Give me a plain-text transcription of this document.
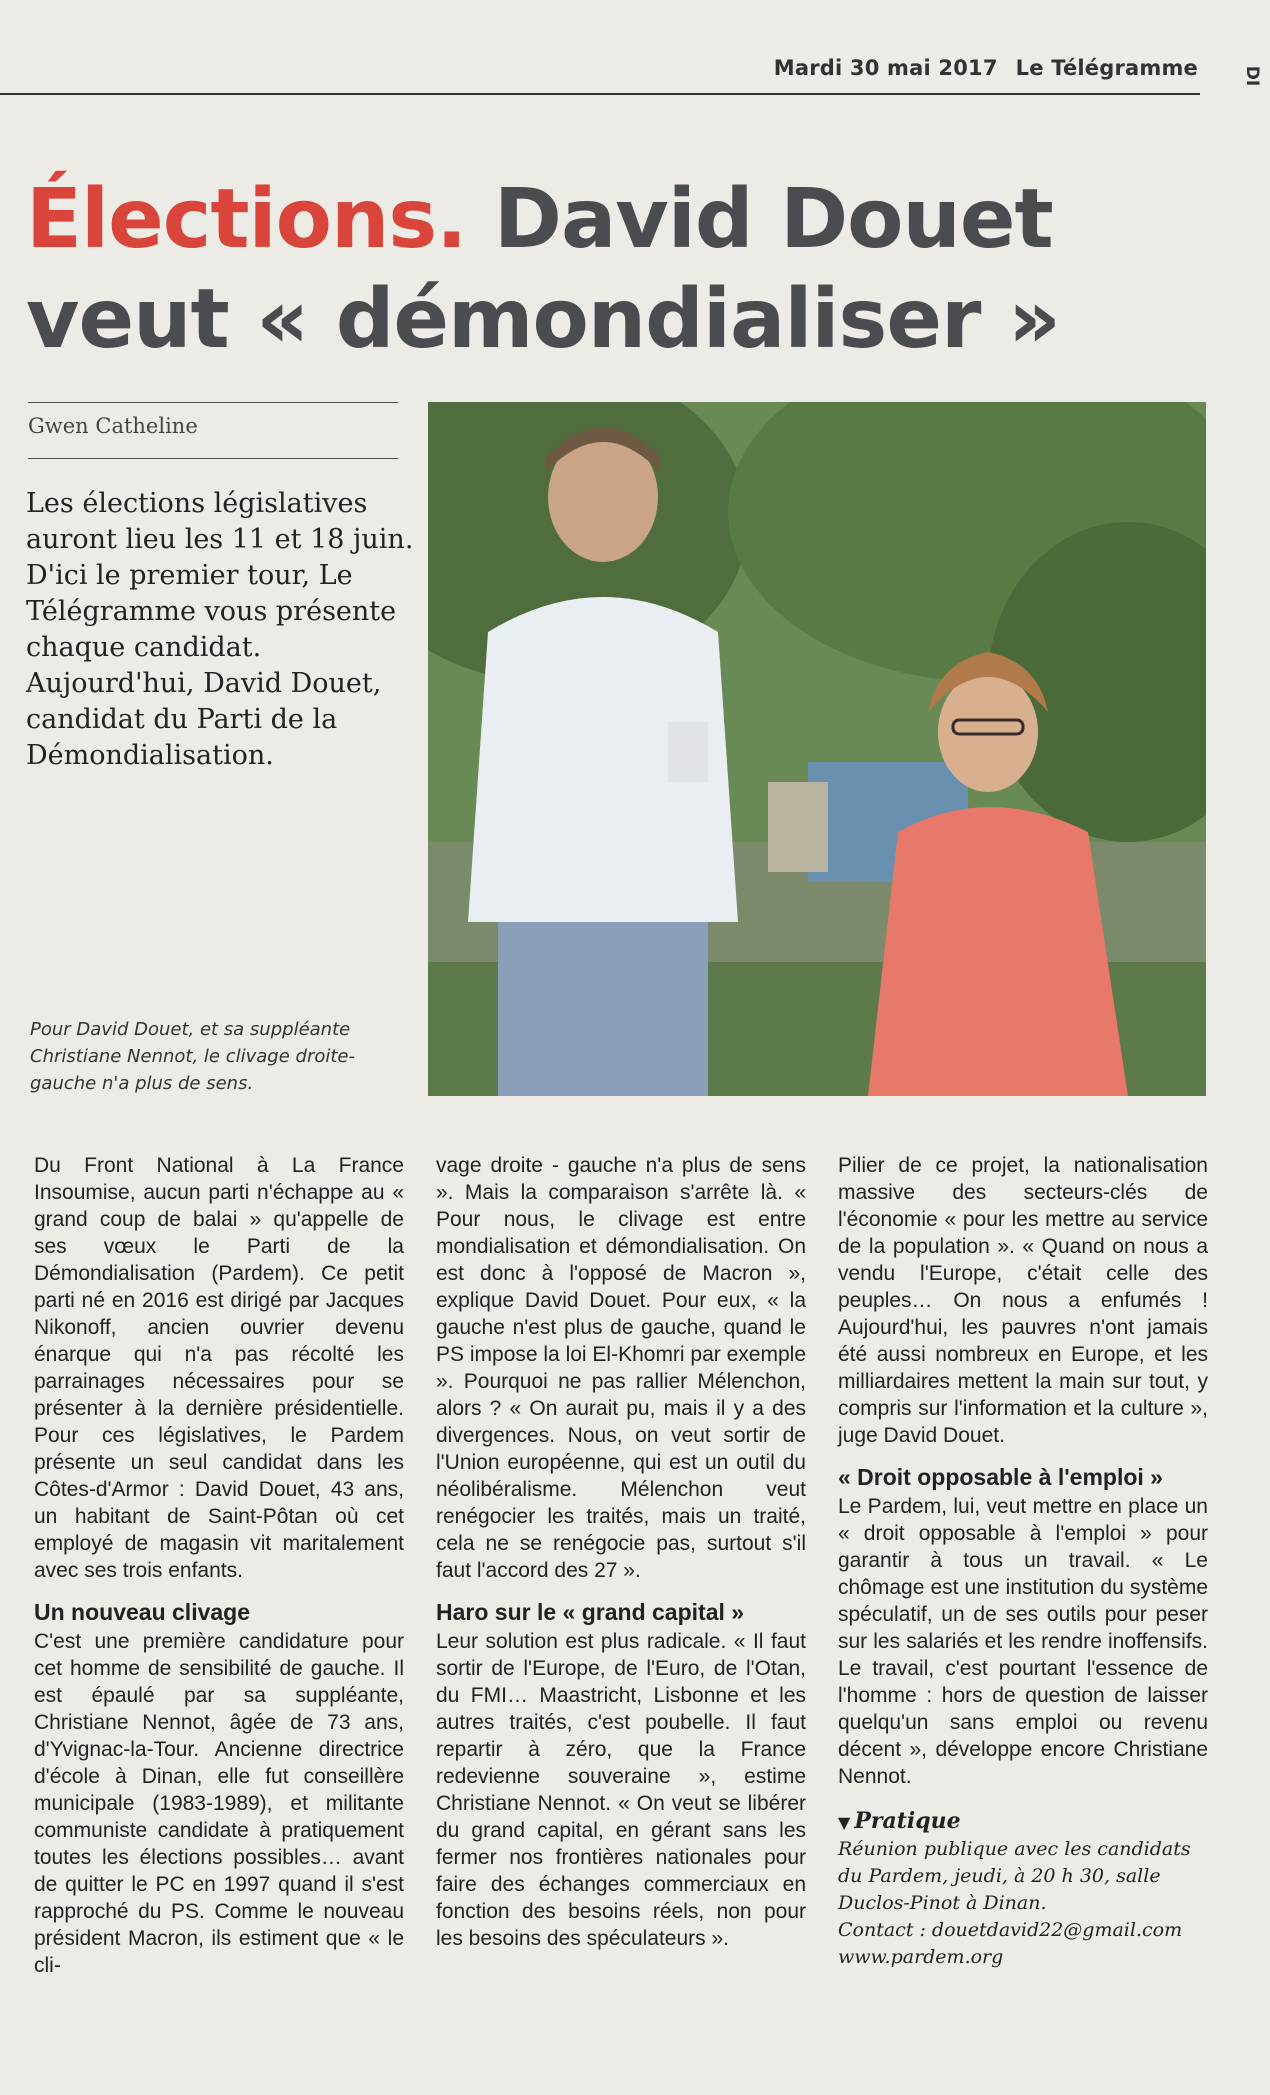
Mardi 30 mai 2017 Le Télégramme	DI
Élections. David Douet
veut « démondialiser »
Gwen Catheline
Les élections législatives auront lieu les 11 et 18 juin. D'ici le premier tour, Le Télégramme vous présente chaque candidat. Aujourd'hui, David Douet, candidat du Parti de la Démondialisation.
Pour David Douet, et sa suppléante Christiane Nennot, le clivage droite-gauche n'a plus de sens.

Du Front National à La France Insoumise, aucun parti n'échappe au « grand coup de balai » qu'appelle de ses vœux le Parti de la Démondialisation (Pardem). Ce petit parti né en 2016 est dirigé par Jacques Nikonoff, ancien ouvrier devenu énarque qui n'a pas récolté les parrainages nécessaires pour se présenter à la dernière présidentielle. Pour ces législatives, le Pardem présente un seul candidat dans les Côtes-d'Armor : David Douet, 43 ans, un habitant de Saint-Pôtan où cet employé de magasin vit maritalement avec ses trois enfants.

Un nouveau clivage

C'est une première candidature pour cet homme de sensibilité de gauche. Il est épaulé par sa suppléante, Christiane Nennot, âgée de 73 ans, d'Yvignac-la-Tour. Ancienne directrice d'école à Dinan, elle fut conseillère municipale (1983-1989), et militante communiste candidate à pratiquement toutes les élections possibles… avant de quitter le PC en 1997 quand il s'est rapproché du PS. Comme le nouveau président Macron, ils estiment que « le cli-

vage droite - gauche n'a plus de sens ». Mais la comparaison s'arrête là. « Pour nous, le clivage est entre mondialisation et démondialisation. On est donc à l'opposé de Macron », explique David Douet. Pour eux, « la gauche n'est plus de gauche, quand le PS impose la loi El-Khomri par exemple ». Pourquoi ne pas rallier Mélenchon, alors ? « On aurait pu, mais il y a des divergences. Nous, on veut sortir de l'Union européenne, qui est un outil du néolibéralisme. Mélenchon veut renégocier les traités, mais un traité, cela ne se renégocie pas, surtout s'il faut l'accord des 27 ».

Haro sur le « grand capital »

Leur solution est plus radicale. « Il faut sortir de l'Europe, de l'Euro, de l'Otan, du FMI… Maastricht, Lisbonne et les autres traités, c'est poubelle. Il faut repartir à zéro, que la France redevienne souveraine », estime Christiane Nennot. « On veut se libérer du grand capital, en gérant sans les fermer nos frontières nationales pour faire des échanges commerciaux en fonction des besoins réels, non pour les besoins des spéculateurs ».

Pilier de ce projet, la nationalisation massive des secteurs-clés de l'économie « pour les mettre au service de la population ». « Quand on nous a vendu l'Europe, c'était celle des peuples… On nous a enfumés ! Aujourd'hui, les pauvres n'ont jamais été aussi nombreux en Europe, et les milliardaires mettent la main sur tout, y compris sur l'information et la culture », juge David Douet.

« Droit opposable à l'emploi »

Le Pardem, lui, veut mettre en place un « droit opposable à l'emploi » pour garantir à tous un travail. « Le chômage est une institution du système spéculatif, un de ses outils pour peser sur les salariés et les rendre inoffensifs. Le travail, c'est pourtant l'essence de l'homme : hors de question de laisser quelqu'un sans emploi ou revenu décent », développe encore Christiane Nennot.

▼ Pratique
Réunion publique avec les candidats du Pardem, jeudi, à 20 h 30, salle Duclos-Pinot à Dinan.
Contact : douetdavid22@gmail.com
www.pardem.org
